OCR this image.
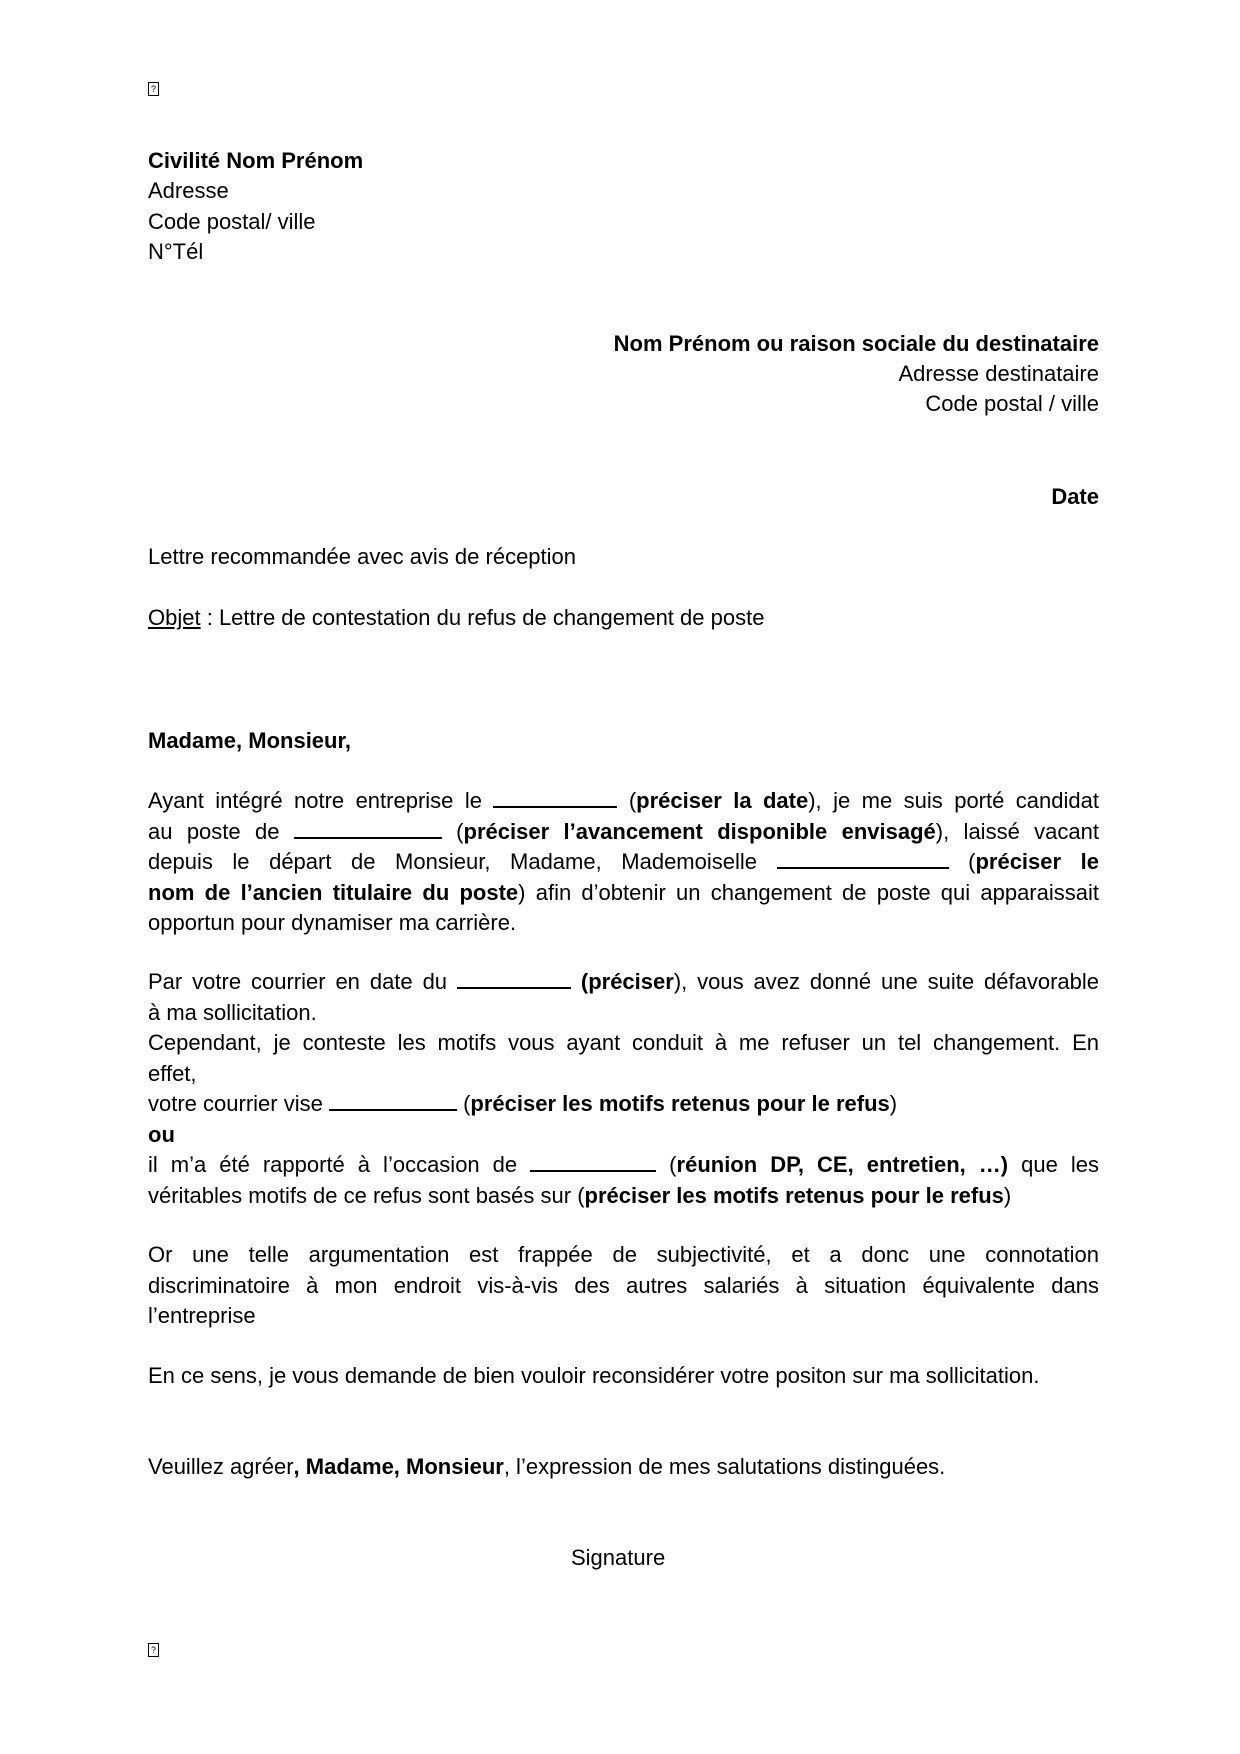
?

Civilité Nom Prénom

Adresse

Code postal/ ville

N°Tél

Nom Prénom ou raison sociale du destinataire

Adresse destinataire

Code postal / ville

Date

Lettre recommandée avec avis de réception

Objet : Lettre de contestation du refus de changement de poste

Madame, Monsieur,

Ayant intégré notre entreprise le	(préciser la date), je me suis porté candidat
au poste de	(préciser l’avancement disponible envisagé), laissé vacant
depuis le départ de Monsieur, Madame, Mademoiselle	(préciser le
nom de l’ancien titulaire du poste) afin d’obtenir un changement de poste qui apparaissait
opportun pour dynamiser ma carrière.
Par votre courrier en date du	(préciser), vous avez donné une suite défavorable
à ma sollicitation.
Cependant, je conteste les motifs vous ayant conduit à me refuser un tel changement. En
effet,
votre courrier vise	(préciser les motifs retenus pour le refus)
ou
il m’a été rapporté à l’occasion de	(réunion DP, CE, entretien, …) que les
véritables motifs de ce refus sont basés sur (préciser les motifs retenus pour le refus)
Or une telle argumentation est frappée de subjectivité, et a donc une connotation
discriminatoire à mon endroit vis-à-vis des autres salariés à situation équivalente dans
l’entreprise

En ce sens, je vous demande de bien vouloir reconsidérer votre positon sur ma sollicitation.

Veuillez agréer, Madame, Monsieur, l’expression de mes salutations distinguées.

Signature

?
